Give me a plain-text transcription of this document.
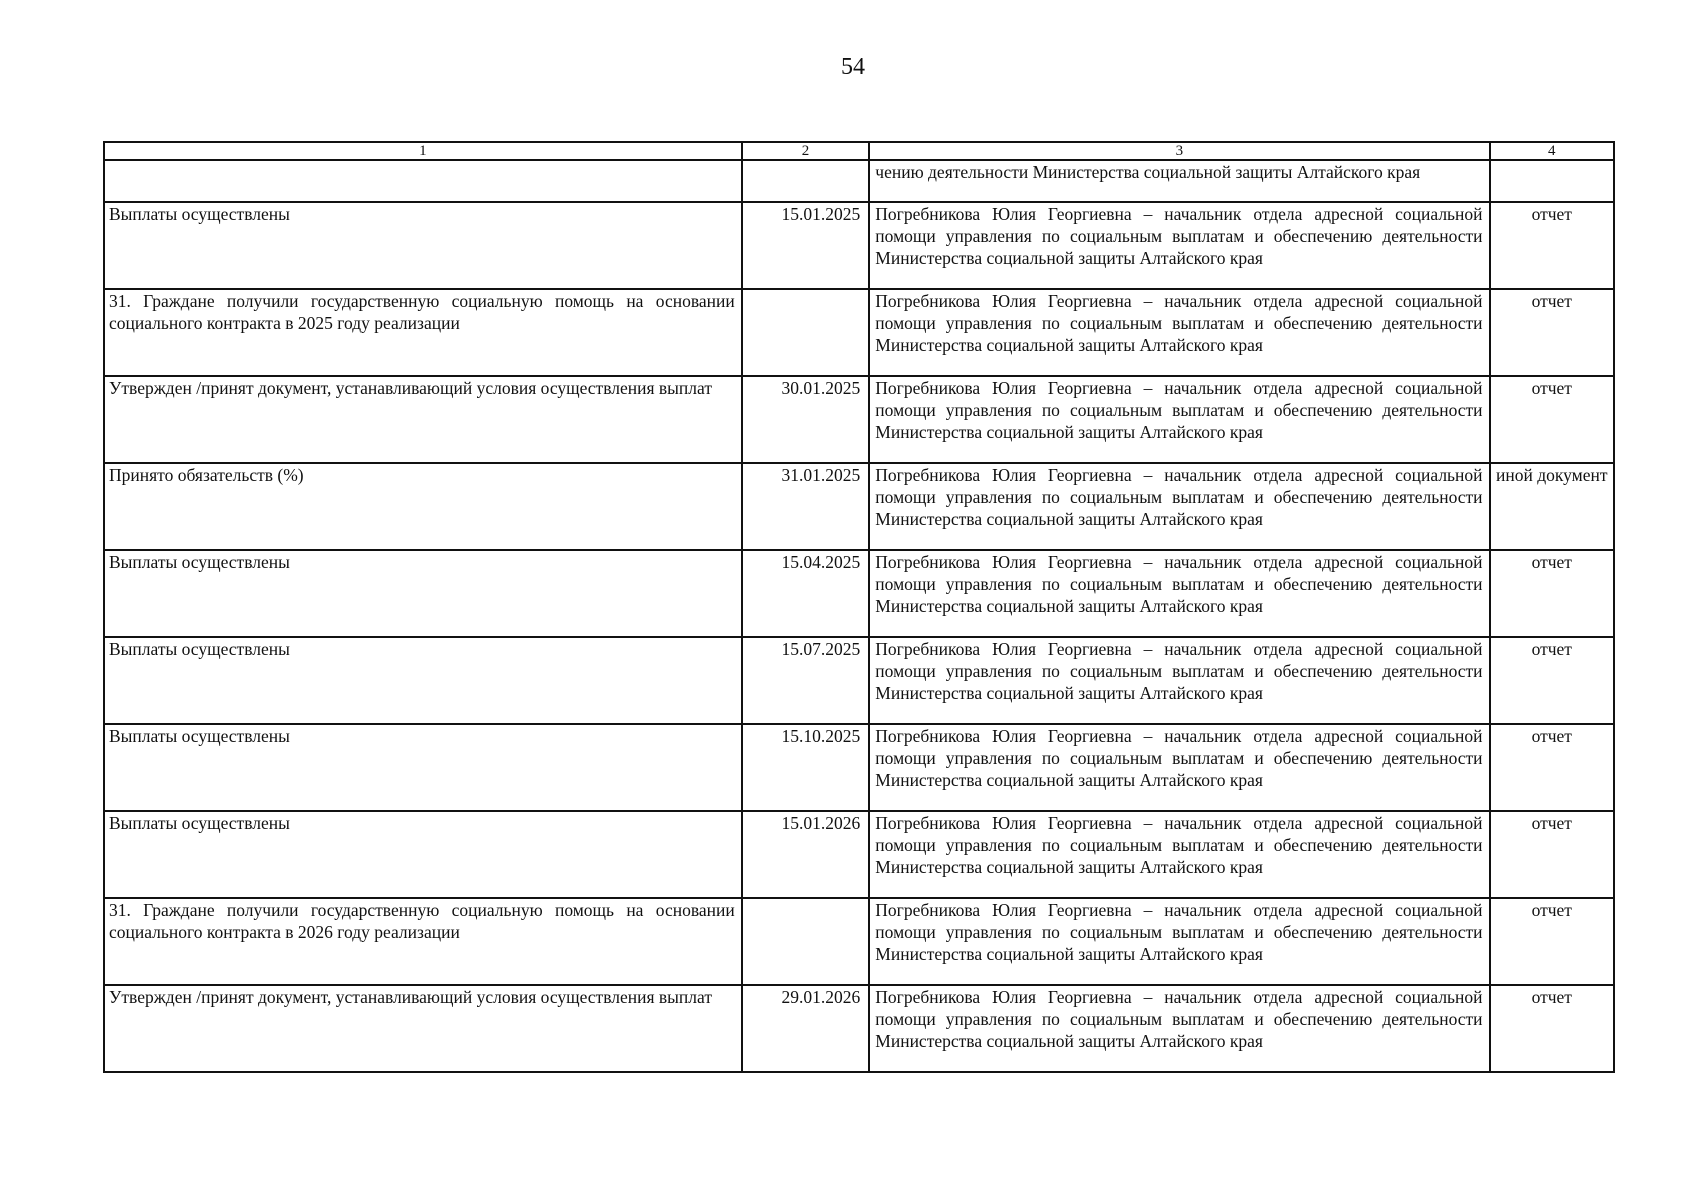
54
1	2	3	4
		чению деятельности Министерства социальной защиты Алтайского края	
Выплаты осуществлены	15.01.2025	Погребникова Юлия Георгиевна – начальник отдела адресной социальной помощи управления по социальным выплатам и обеспечению деятельности Министерства социальной защиты Алтайского края	отчет
31. Граждане получили государственную социальную помощь на основании социального контракта в 2025 году реализации		Погребникова Юлия Георгиевна – начальник отдела адресной социальной помощи управления по социальным выплатам и обеспечению деятельности Министерства социальной защиты Алтайского края	отчет
Утвержден /принят документ, устанавливающий условия осуществления выплат	30.01.2025	Погребникова Юлия Георгиевна – начальник отдела адресной социальной помощи управления по социальным выплатам и обеспечению деятельности Министерства социальной защиты Алтайского края	отчет
Принято обязательств (%)	31.01.2025	Погребникова Юлия Георгиевна – начальник отдела адресной социальной помощи управления по социальным выплатам и обеспечению деятельности Министерства социальной защиты Алтайского края	иной документ
Выплаты осуществлены	15.04.2025	Погребникова Юлия Георгиевна – начальник отдела адресной социальной помощи управления по социальным выплатам и обеспечению деятельности Министерства социальной защиты Алтайского края	отчет
Выплаты осуществлены	15.07.2025	Погребникова Юлия Георгиевна – начальник отдела адресной социальной помощи управления по социальным выплатам и обеспечению деятельности Министерства социальной защиты Алтайского края	отчет
Выплаты осуществлены	15.10.2025	Погребникова Юлия Георгиевна – начальник отдела адресной социальной помощи управления по социальным выплатам и обеспечению деятельности Министерства социальной защиты Алтайского края	отчет
Выплаты осуществлены	15.01.2026	Погребникова Юлия Георгиевна – начальник отдела адресной социальной помощи управления по социальным выплатам и обеспечению деятельности Министерства социальной защиты Алтайского края	отчет
31. Граждане получили государственную социальную помощь на основании социального контракта в 2026 году реализации		Погребникова Юлия Георгиевна – начальник отдела адресной социальной помощи управления по социальным выплатам и обеспечению деятельности Министерства социальной защиты Алтайского края	отчет
Утвержден /принят документ, устанавливающий условия осуществления выплат	29.01.2026	Погребникова Юлия Георгиевна – начальник отдела адресной социальной помощи управления по социальным выплатам и обеспечению деятельности Министерства социальной защиты Алтайского края	отчет
